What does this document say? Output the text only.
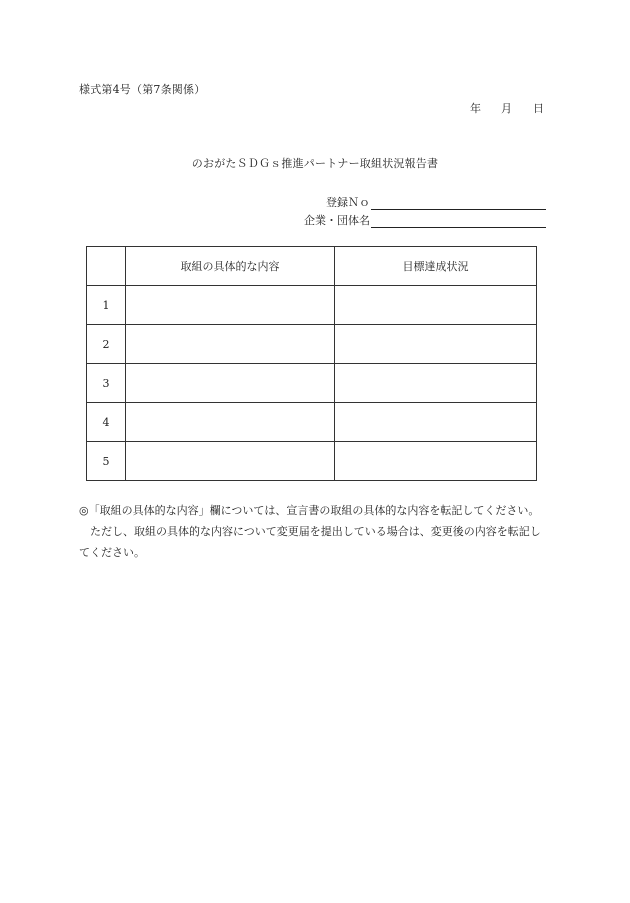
様式第4号（第7条関係）
年	月	日
のおがたＳＤＧｓ推進パートナー取組状況報告書
登録Ｎｏ
企業・団体名
	取組の具体的な内容	目標達成状況
1		
2		
3		
4		
5		

◎「取組の具体的な内容」欄については、宣言書の取組の具体的な内容を転記してください。

ただし、取組の具体的な内容について変更届を提出している場合は、変更後の内容を転記してください。
